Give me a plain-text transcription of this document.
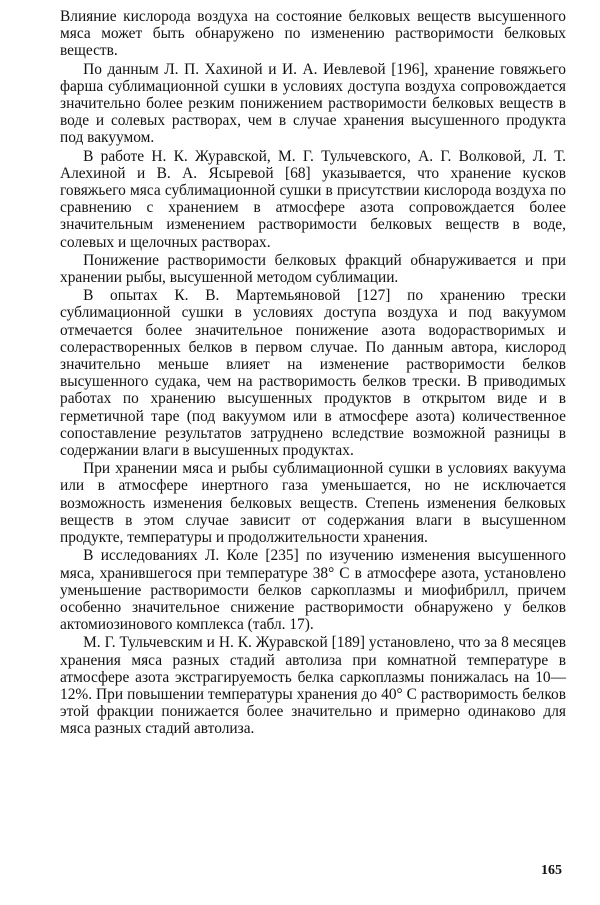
Влияние кислорода воздуха на состояние белковых веществ высушенного мяса может быть обнаружено по изменению растворимости белковых веществ.

По данным Л. П. Хахиной и И. А. Иевлевой [196], хранение говяжьего фарша сублимационной сушки в условиях доступа воздуха сопровождается значительно более резким понижением растворимости белковых веществ в воде и солевых растворах, чем в случае хранения высушенного продукта под вакуумом.

В работе Н. К. Журавской, М. Г. Тульчевского, А. Г. Волковой, Л. Т. Алехиной и В. А. Ясыревой [68] указывается, что хранение кусков говяжьего мяса сублимационной сушки в присутствии кислорода воздуха по сравнению с хранением в атмосфере азота сопровождается более значительным изменением растворимости белковых веществ в воде, солевых и щелочных растворах.

Понижение растворимости белковых фракций обнаруживается и при хранении рыбы, высушенной методом сублимации.

В опытах К. В. Мартемьяновой [127] по хранению трески сублимационной сушки в условиях доступа воздуха и под вакуумом отмечается более значительное понижение азота водорастворимых и солерастворенных белков в первом случае. По данным автора, кислород значительно меньше влияет на изменение растворимости белков высушенного судака, чем на растворимость белков трески. В приводимых работах по хранению высушенных продуктов в открытом виде и в герметичной таре (под вакуумом или в атмосфере азота) количественное сопоставление результатов затруднено вследствие возможной разницы в содержании влаги в высушенных продуктах.

При хранении мяса и рыбы сублимационной сушки в условиях вакуума или в атмосфере инертного газа уменьшается, но не исключается возможность изменения белковых веществ. Степень изменения белковых веществ в этом случае зависит от содержания влаги в высушенном продукте, температуры и продолжительности хранения.

В исследованиях Л. Коле [235] по изучению изменения высушенного мяса, хранившегося при температуре 38° С в атмосфере азота, установлено уменьшение растворимости белков саркоплазмы и миофибрилл, причем особенно значительное снижение растворимости обнаружено у белков актомиозинового комплекса (табл. 17).

М. Г. Тульчевским и Н. К. Журавской [189] установлено, что за 8 месяцев хранения мяса разных стадий автолиза при комнатной температуре в атмосфере азота экстрагируемость белка саркоплазмы понижалась на 10—12%. При повышении температуры хранения до 40° С растворимость белков этой фракции понижается более значительно и примерно одинаково для мяса разных стадий автолиза.

165
